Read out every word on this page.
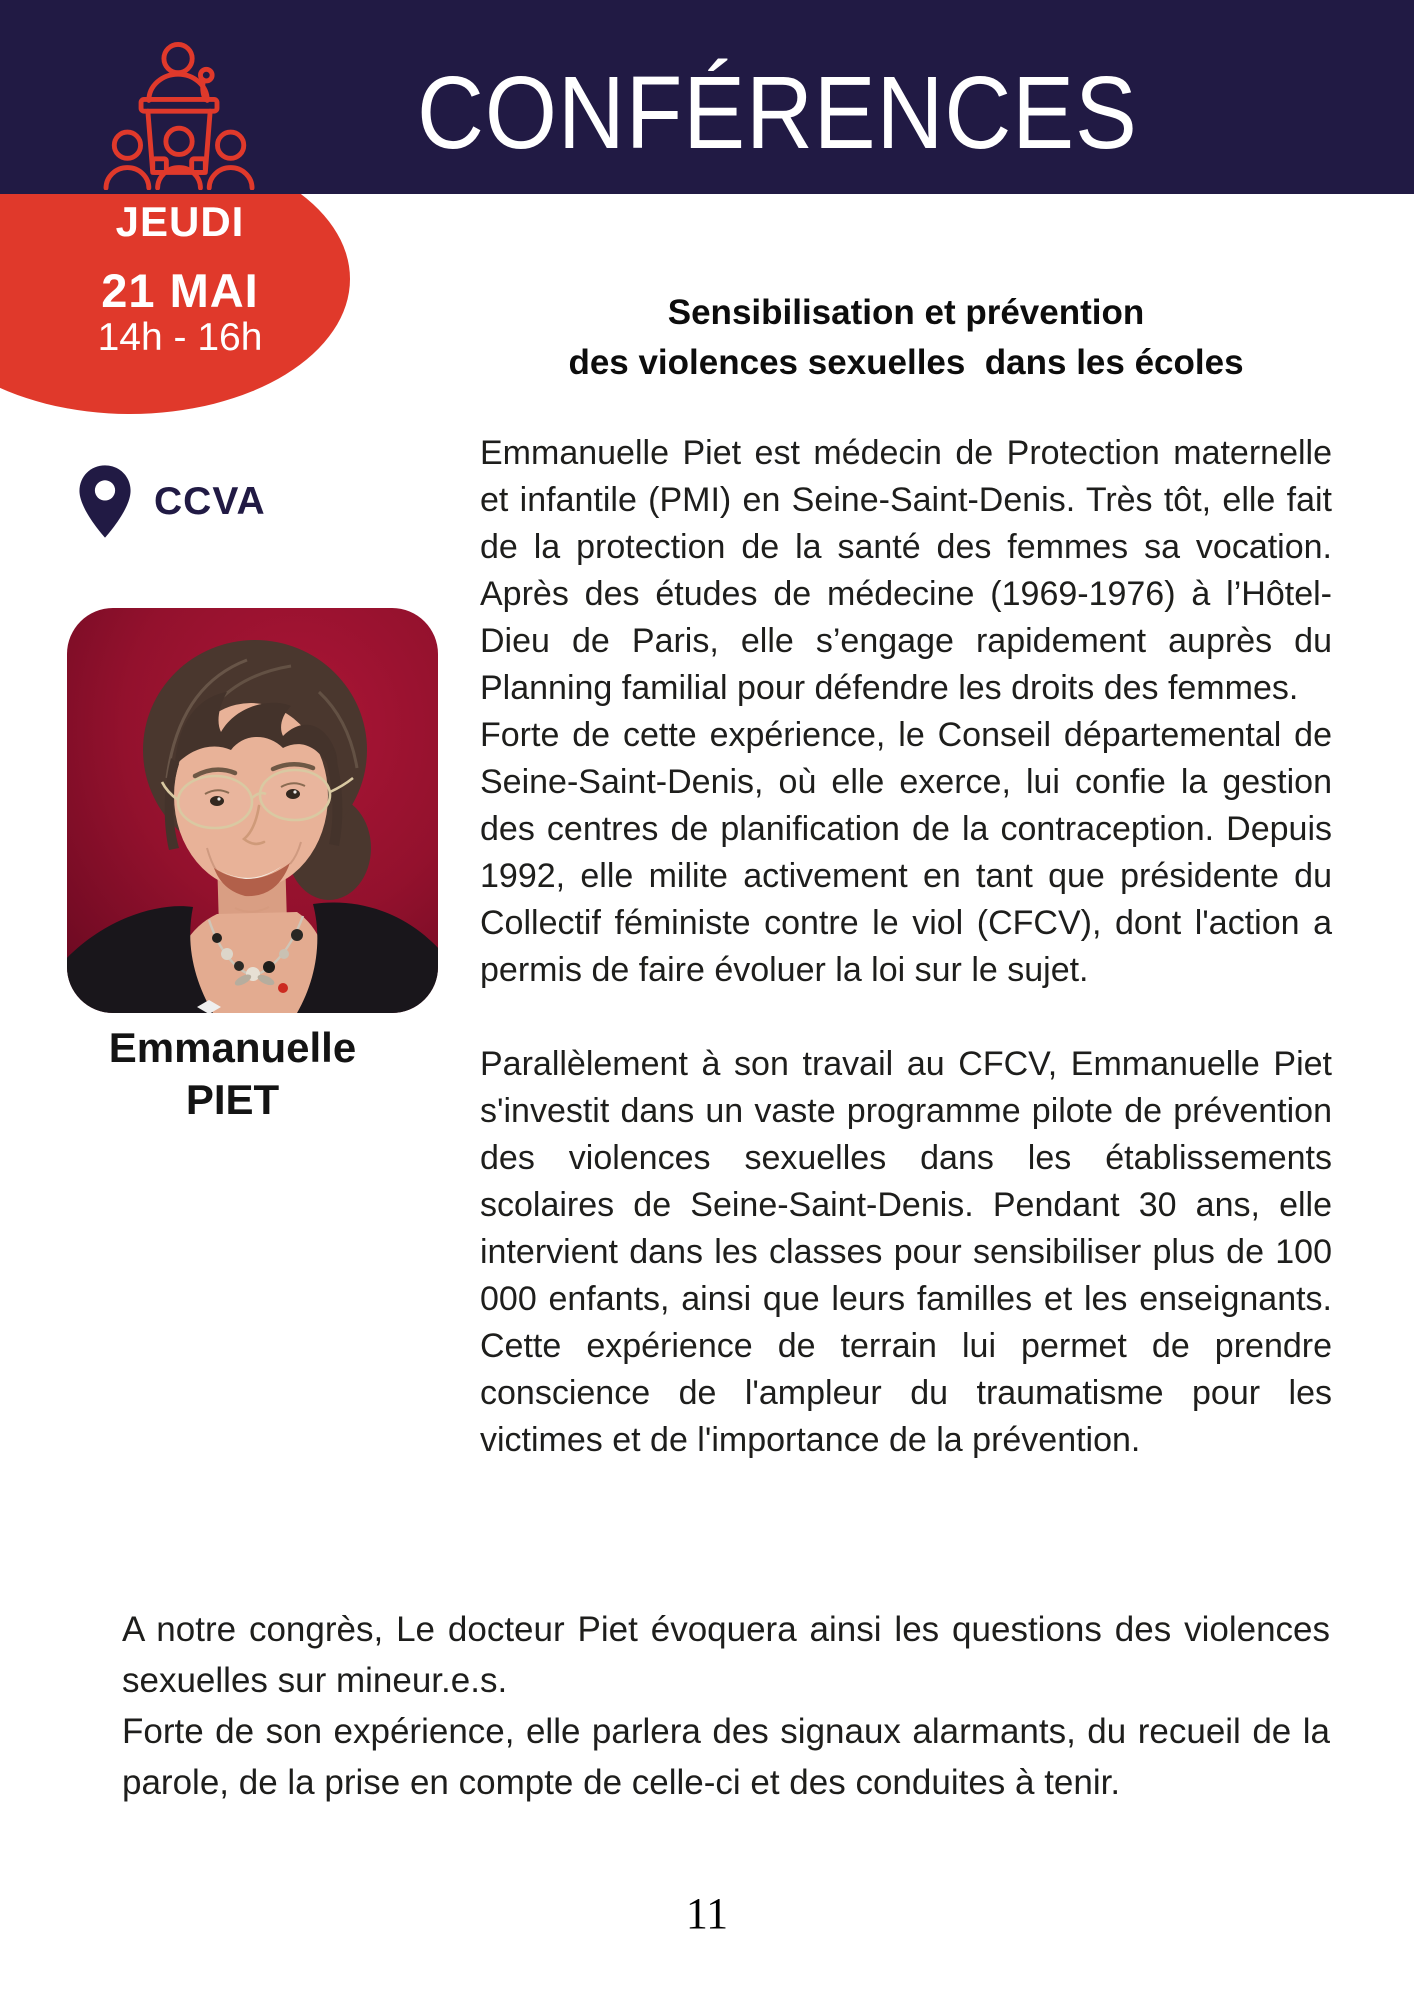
JEUDI
21 MAI
14h - 16h
CONFÉRENCES
CCVA
Emmanuelle
PIET
Sensibilisation et prévention
des violences sexuelles  dans les écoles

Emmanuelle Piet est médecin de Protection maternelle et infantile (PMI) en Seine-Saint-Denis. Très tôt, elle fait de la protection de la santé des femmes sa vocation. Après des études de médecine (1969-1976) à l’Hôtel-Dieu de Paris, elle s’engage rapidement auprès du Planning familial pour défendre les droits des femmes.

Forte de cette expérience, le Conseil départemental de Seine-Saint-Denis, où elle exerce, lui confie la gestion des centres de planification de la contraception. Depuis 1992, elle milite activement en tant que présidente du Collectif féministe contre le viol (CFCV), dont l'action a permis de faire évoluer la loi sur le sujet.

Parallèlement à son travail au CFCV, Emmanuelle Piet s'investit dans un vaste programme pilote de prévention des violences sexuelles dans les établissements scolaires de Seine-Saint-Denis. Pendant 30 ans, elle intervient dans les classes pour sensibiliser plus de 100 000 enfants, ainsi que leurs familles et les enseignants. Cette expérience de terrain lui permet de prendre conscience de l'ampleur du traumatisme pour les victimes et de l'importance de la prévention.

A notre congrès, Le docteur Piet évoquera ainsi les questions des violences sexuelles sur mineur.e.s.

Forte de son expérience, elle parlera des signaux alarmants, du recueil de la parole, de la prise en compte de celle-ci et des conduites à tenir.

11
